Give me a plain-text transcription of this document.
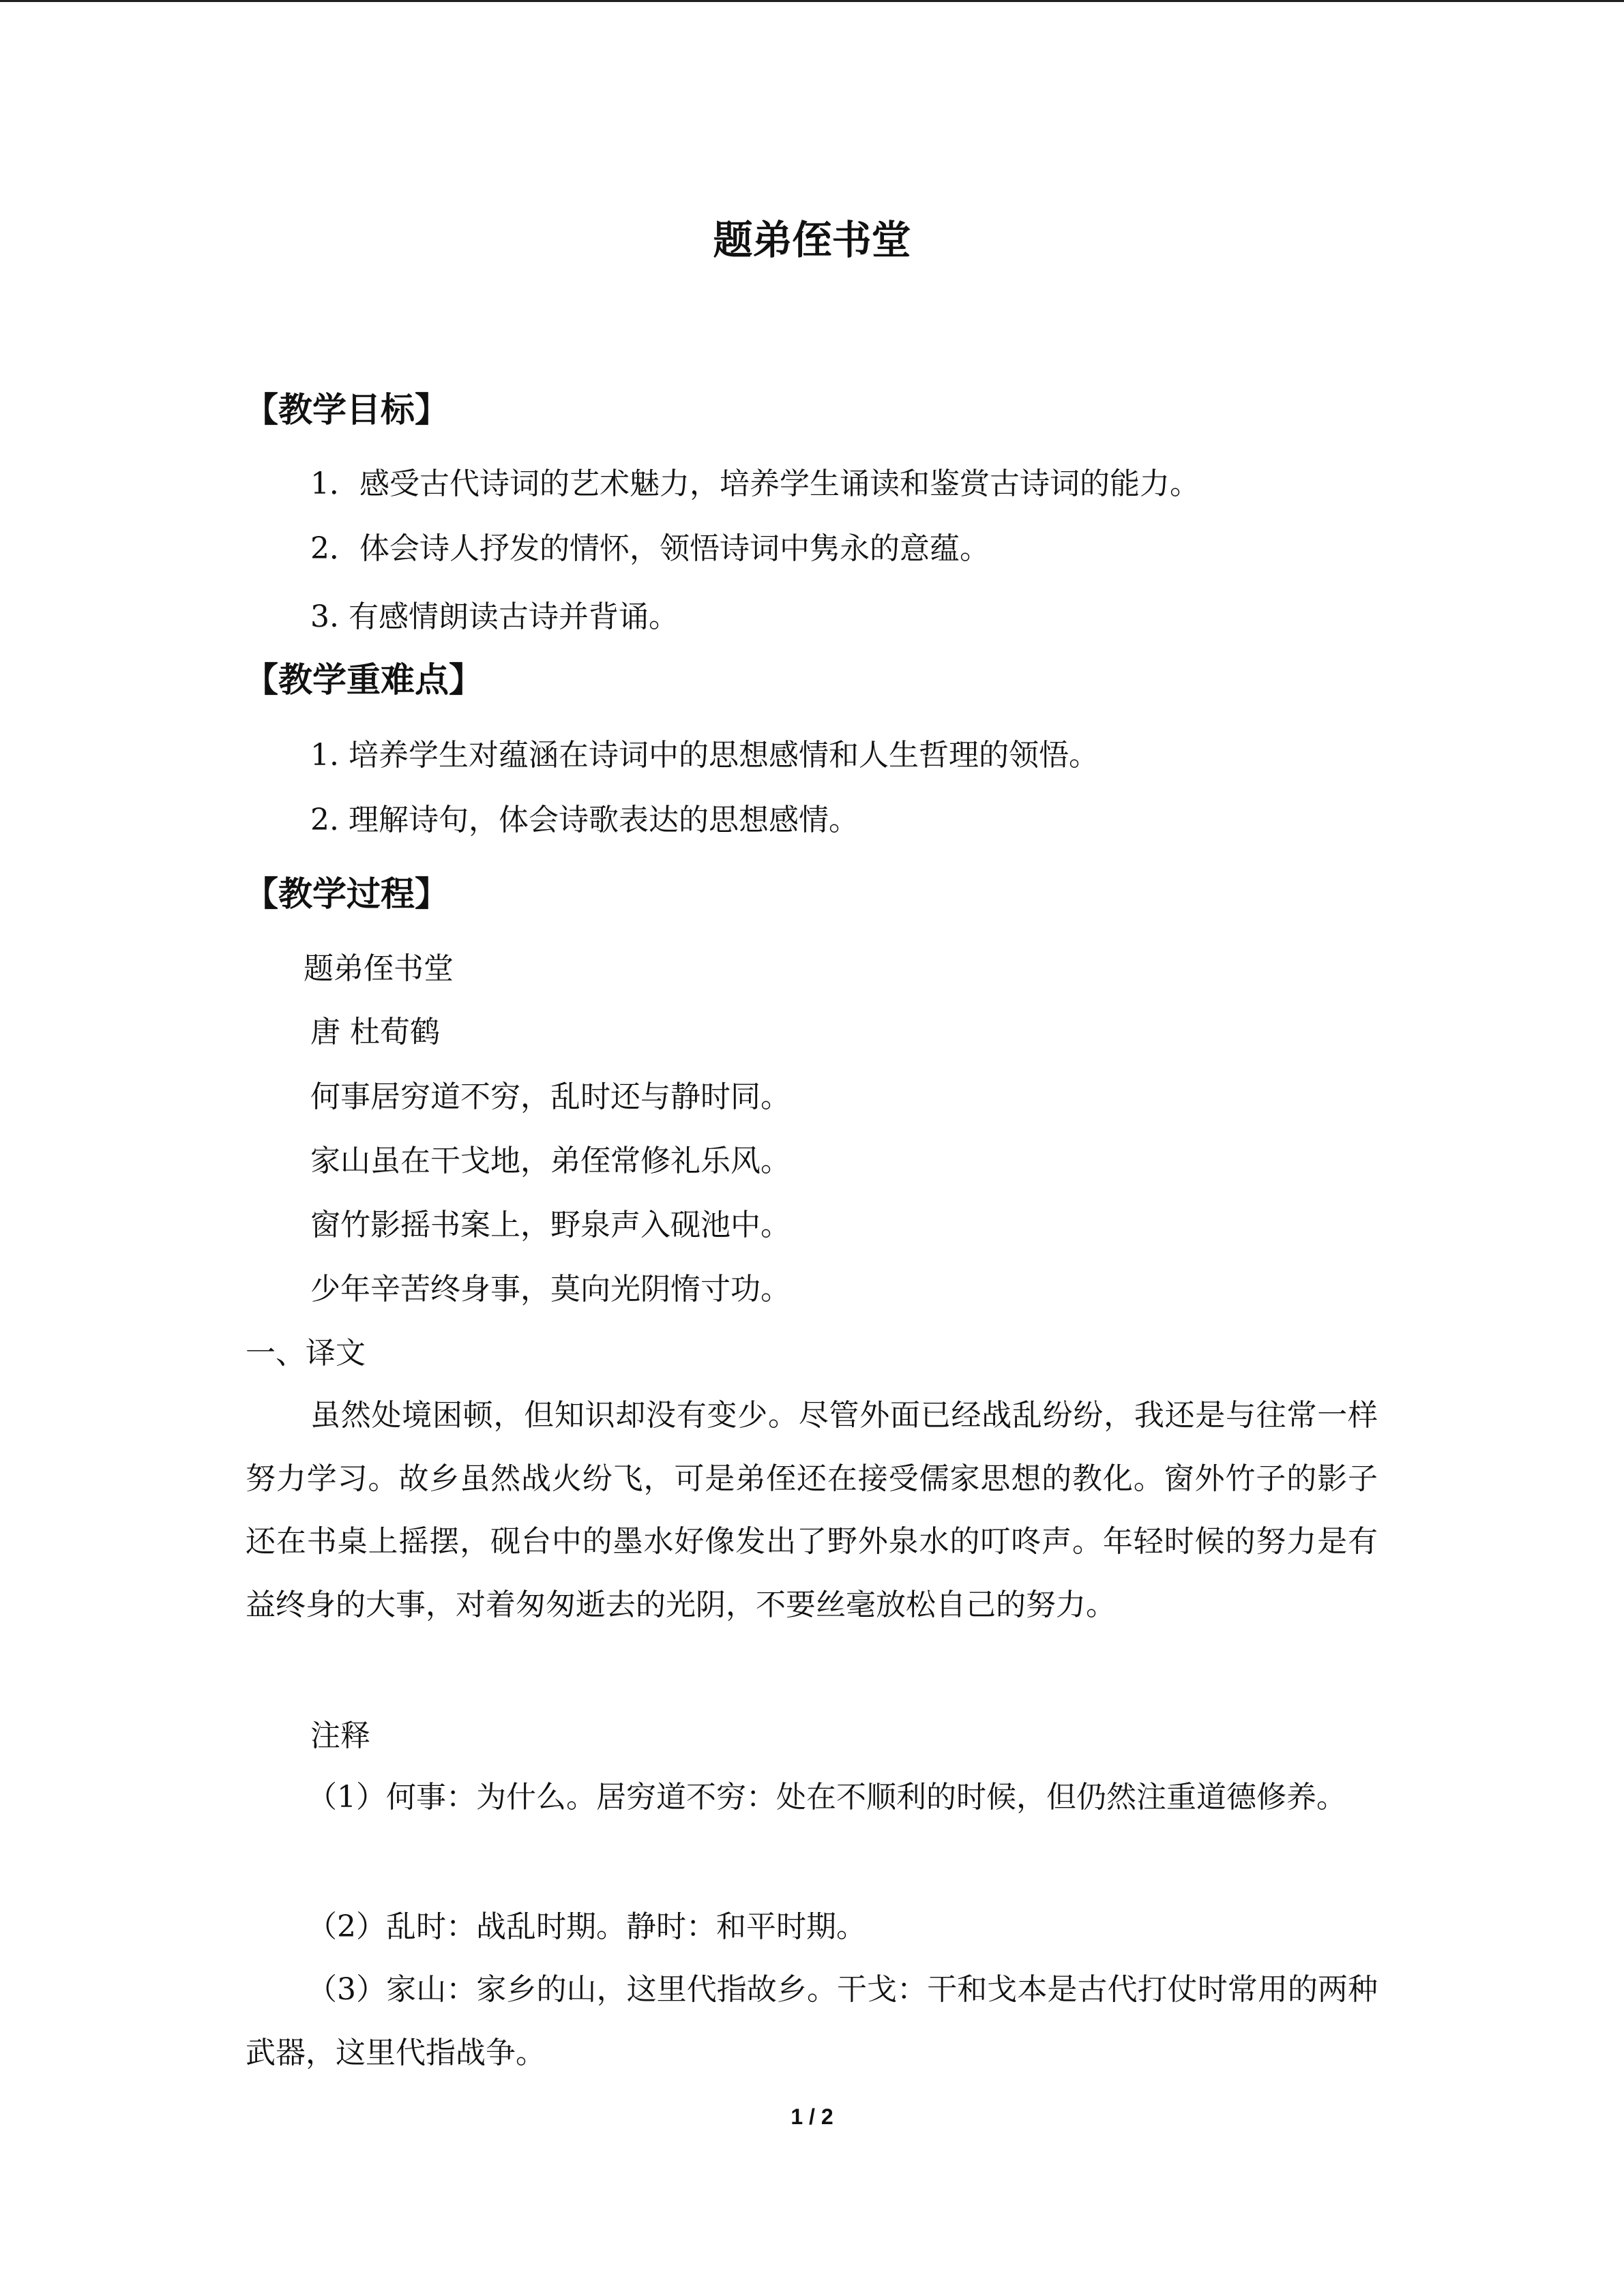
题弟侄书堂
【教学目标】
1．感受古代诗词的艺术魅力，培养学生诵读和鉴赏古诗词的能力。
2．体会诗人抒发的情怀，领悟诗词中隽永的意蕴。
3. 有感情朗读古诗并背诵。
【教学重难点】
1. 培养学生对蕴涵在诗词中的思想感情和人生哲理的领悟。
2. 理解诗句，体会诗歌表达的思想感情。
【教学过程】
题弟侄书堂
唐 杜荀鹤
何事居穷道不穷，乱时还与静时同。
家山虽在干戈地，弟侄常修礼乐风。
窗竹影摇书案上，野泉声入砚池中。
少年辛苦终身事，莫向光阴惰寸功。
一、译文
虽然处境困顿，但知识却没有变少。尽管外面已经战乱纷纷，我还是与往常一样努力学习。故乡虽然战火纷飞，可是弟侄还在接受儒家思想的教化。窗外竹子的影子还在书桌上摇摆，砚台中的墨水好像发出了野外泉水的叮咚声。年轻时候的努力是有益终身的大事，对着匆匆逝去的光阴，不要丝毫放松自己的努力。
注释
（1）何事：为什么。居穷道不穷：处在不顺利的时候，但仍然注重道德修养。
（2）乱时：战乱时期。静时：和平时期。
（3）家山：家乡的山，这里代指故乡。干戈：干和戈本是古代打仗时常用的两种武器，这里代指战争。
1 / 2
